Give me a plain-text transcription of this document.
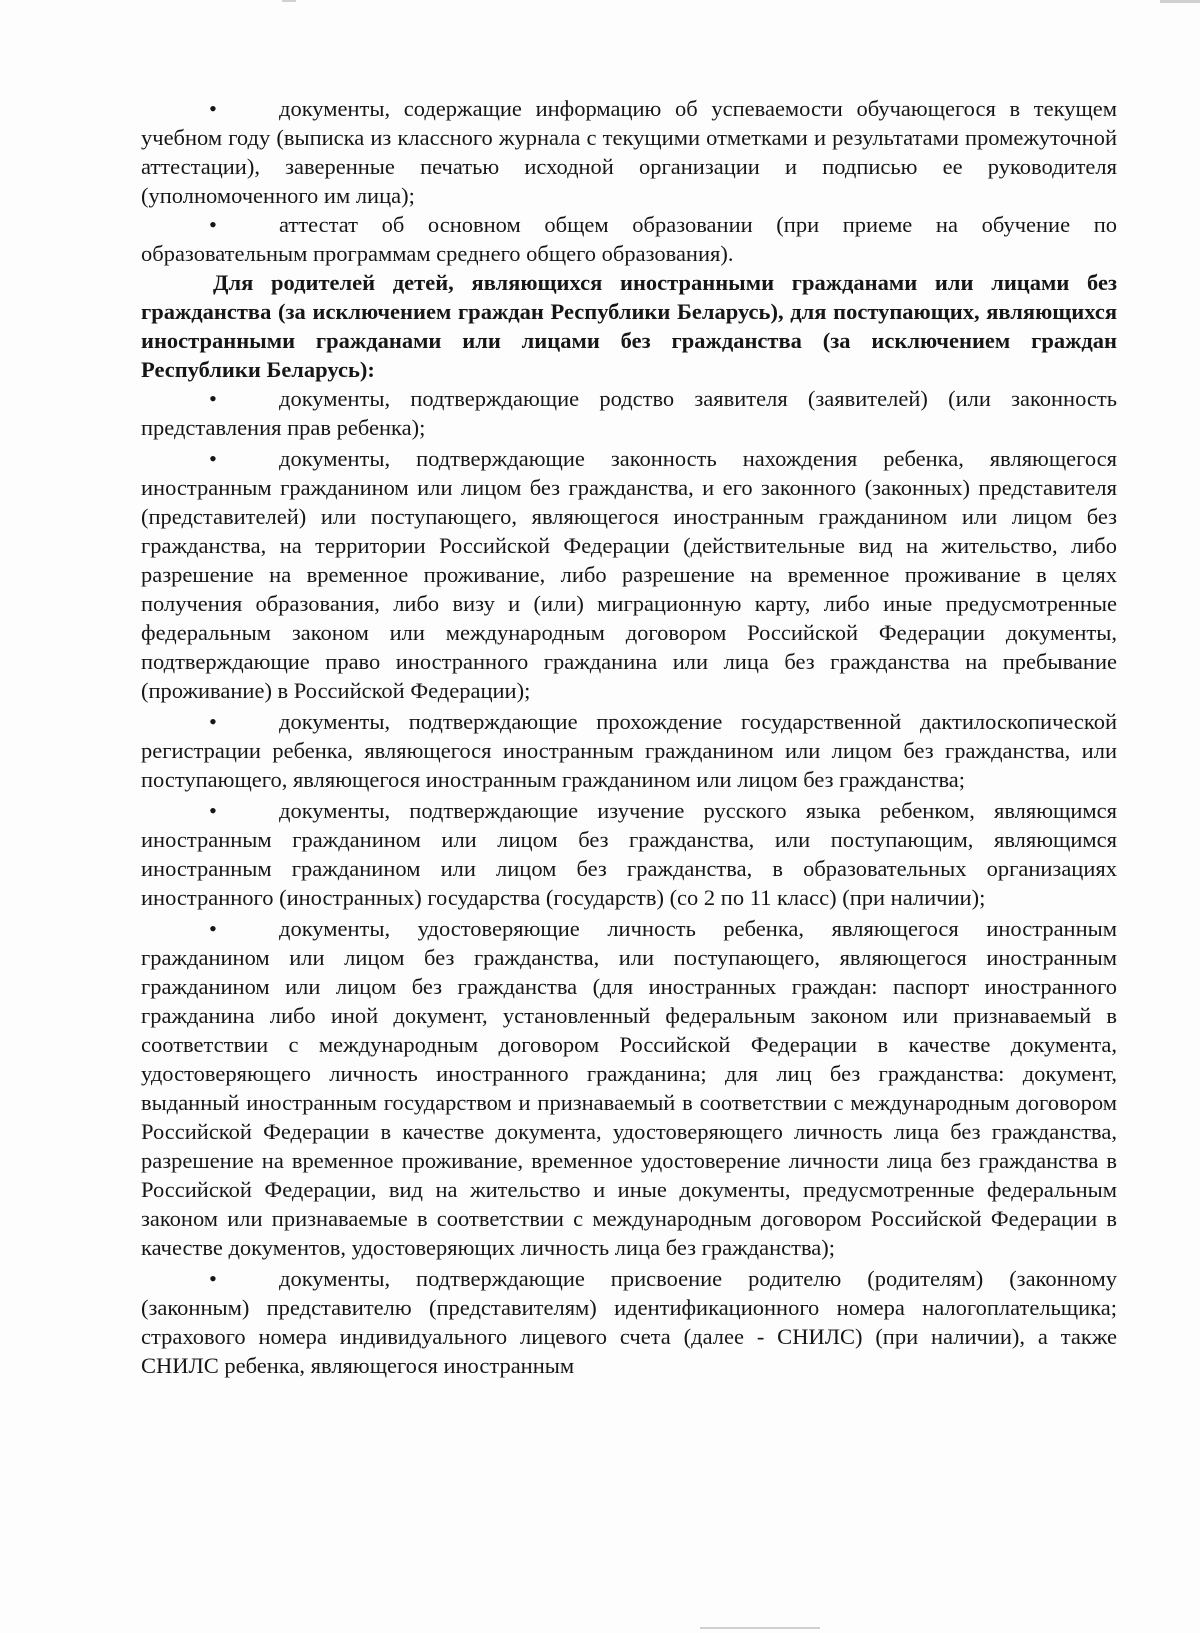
•	документы, содержащие информацию об успеваемости обучающегося в текущем учебном году (выписка из классного журнала с текущими отметками и результатами промежуточной аттестации), заверенные печатью исходной организации и подписью ее руководителя (уполномоченного им лица);

•	аттестат об основном общем образовании (при приеме на обучение по образовательным программам среднего общего образования).

Для родителей детей, являющихся иностранными гражданами или лицами без гражданства (за исключением граждан Республики Беларусь), для поступающих, являющихся иностранными гражданами или лицами без гражданства (за исключением граждан Республики Беларусь):

•	документы, подтверждающие родство заявителя (заявителей) (или законность представления прав ребенка);

•	документы, подтверждающие законность нахождения ребенка, являющегося иностранным гражданином или лицом без гражданства, и его законного (законных) представителя (представителей) или поступающего, являющегося иностранным гражданином или лицом без гражданства, на территории Российской Федерации (действительные вид на жительство, либо разрешение на временное проживание, либо разрешение на временное проживание в целях получения образования, либо визу и (или) миграционную карту, либо иные предусмотренные федеральным законом или международным договором Российской Федерации документы, подтверждающие право иностранного гражданина или лица без гражданства на пребывание (проживание) в Российской Федерации);

•	документы, подтверждающие прохождение государственной дактилоскопической регистрации ребенка, являющегося иностранным гражданином или лицом без гражданства, или поступающего, являющегося иностранным гражданином или лицом без гражданства;

•	документы, подтверждающие изучение русского языка ребенком, являющимся иностранным гражданином или лицом без гражданства, или поступающим, являющимся иностранным гражданином или лицом без гражданства, в образовательных организациях иностранного (иностранных) государства (государств) (со 2 по 11 класс) (при наличии);

•	документы, удостоверяющие личность ребенка, являющегося иностранным гражданином или лицом без гражданства, или поступающего, являющегося иностранным гражданином или лицом без гражданства (для иностранных граждан: паспорт иностранного гражданина либо иной документ, установленный федеральным законом или признаваемый в соответствии с международным договором Российской Федерации в качестве документа, удостоверяющего личность иностранного гражданина; для лиц без гражданства: документ, выданный иностранным государством и признаваемый в соответствии с международным договором Российской Федерации в качестве документа, удостоверяющего личность лица без гражданства, разрешение на временное проживание, временное удостоверение личности лица без гражданства в Российской Федерации, вид на жительство и иные документы, предусмотренные федеральным законом или признаваемые в соответствии с международным договором Российской Федерации в качестве документов, удостоверяющих личность лица без гражданства);

•	документы, подтверждающие присвоение родителю (родителям) (законному (законным) представителю (представителям) идентификационного номера налогоплательщика; страхового номера индивидуального лицевого счета (далее - СНИЛС) (при наличии), а также СНИЛС ребенка, являющегося иностранным
